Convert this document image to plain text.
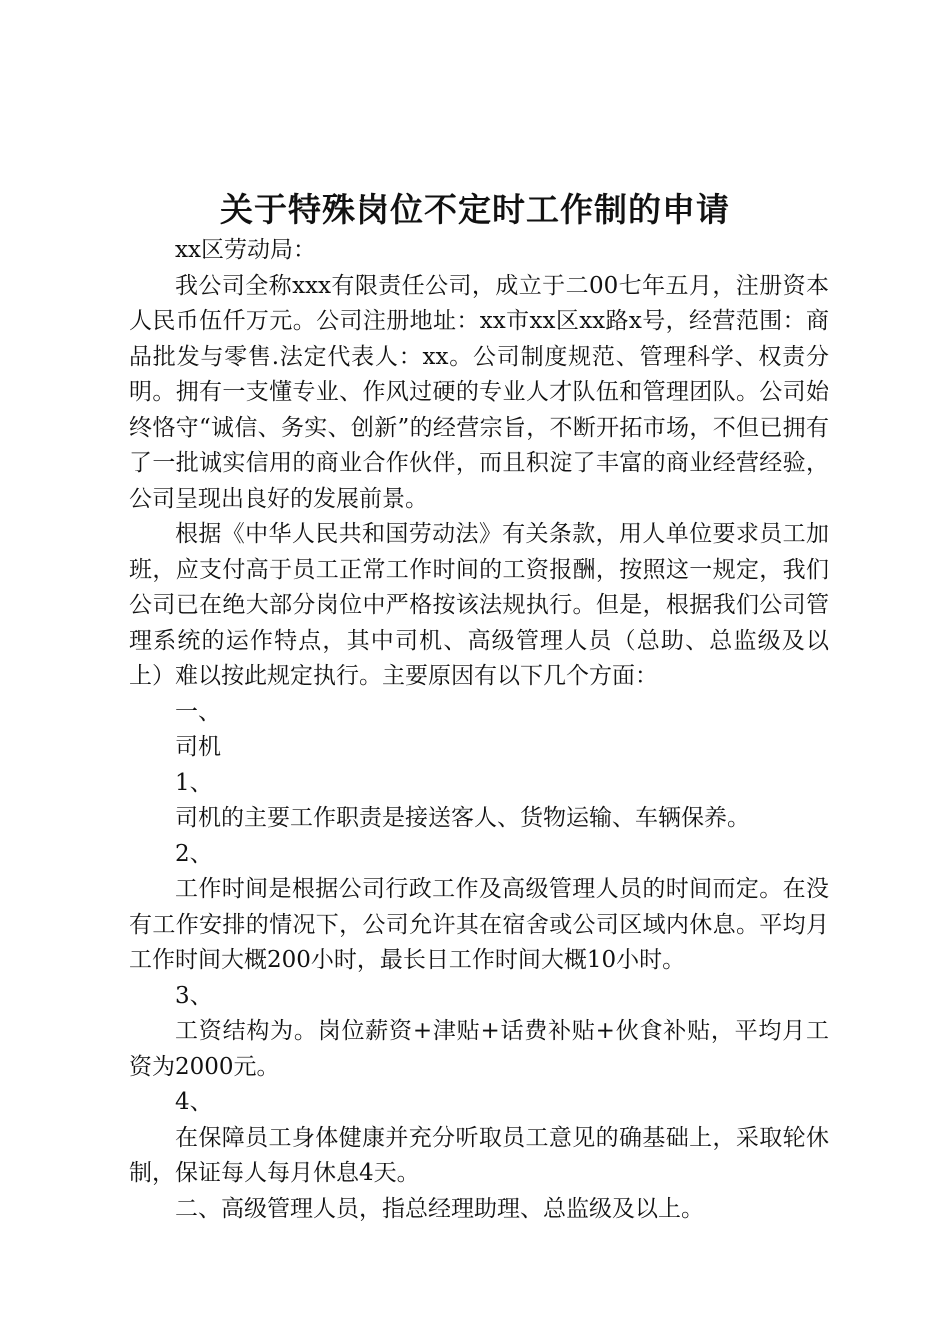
关于特殊岗位不定时工作制的申请

xx区劳动局：

我公司全称xxx有限责任公司，成立于二00七年五月，注册资本人民币伍仟万元。公司注册地址：xx市xx区xx路x号，经营范围：商品批发与零售.法定代表人：xx。公司制度规范、管理科学、权责分明。拥有一支懂专业、作风过硬的专业人才队伍和管理团队。公司始终恪守“诚信、务实、创新”的经营宗旨，不断开拓市场，不但已拥有了一批诚实信用的商业合作伙伴，而且积淀了丰富的商业经营经验，公司呈现出良好的发展前景。

根据《中华人民共和国劳动法》有关条款，用人单位要求员工加班，应支付高于员工正常工作时间的工资报酬，按照这一规定，我们公司已在绝大部分岗位中严格按该法规执行。但是，根据我们公司管理系统的运作特点，其中司机、高级管理人员（总助、总监级及以上）难以按此规定执行。主要原因有以下几个方面：

一、

司机

1、

司机的主要工作职责是接送客人、货物运输、车辆保养。

2、

工作时间是根据公司行政工作及高级管理人员的时间而定。在没有工作安排的情况下，公司允许其在宿舍或公司区域内休息。平均月工作时间大概200小时，最长日工作时间大概10小时。

3、

工资结构为。岗位薪资+津贴+话费补贴+伙食补贴，平均月工资为2000元。

4、

在保障员工身体健康并充分听取员工意见的确基础上，采取轮休制，保证每人每月休息4天。

二、高级管理人员，指总经理助理、总监级及以上。
